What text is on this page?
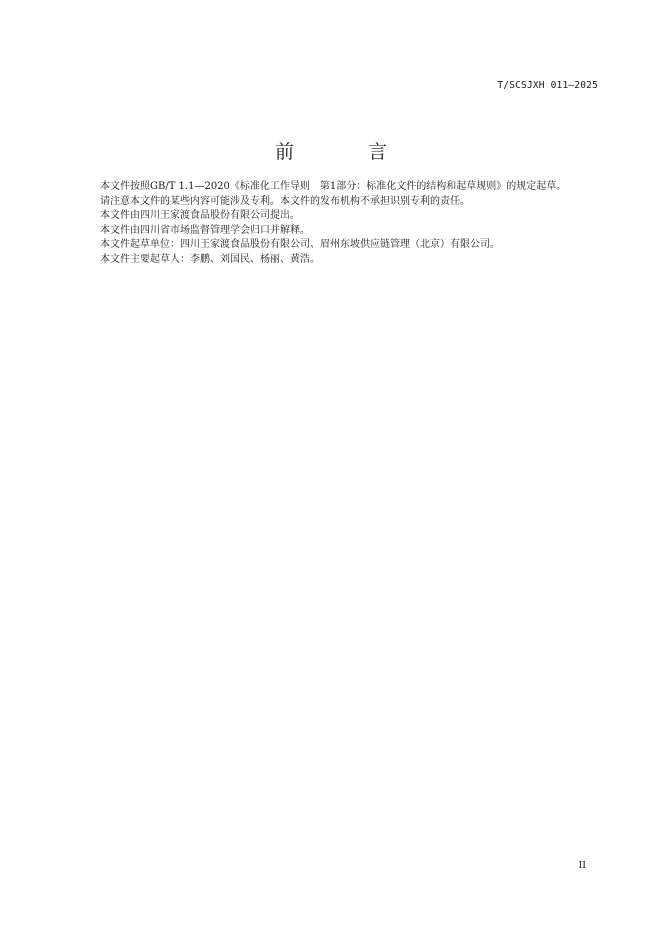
T/SCSJXH 011—2025
前 言

本文件按照GB/T 1.1—2020《标准化工作导则　第1部分：标准化文件的结构和起草规则》的规定起草。

请注意本文件的某些内容可能涉及专利。本文件的发布机构不承担识别专利的责任。

本文件由四川王家渡食品股份有限公司提出。

本文件由四川省市场监督管理学会归口并解释。

本文件起草单位：四川王家渡食品股份有限公司、眉州东坡供应链管理（北京）有限公司。

本文件主要起草人：李鹏、刘国民、杨丽、黄浩。

II
